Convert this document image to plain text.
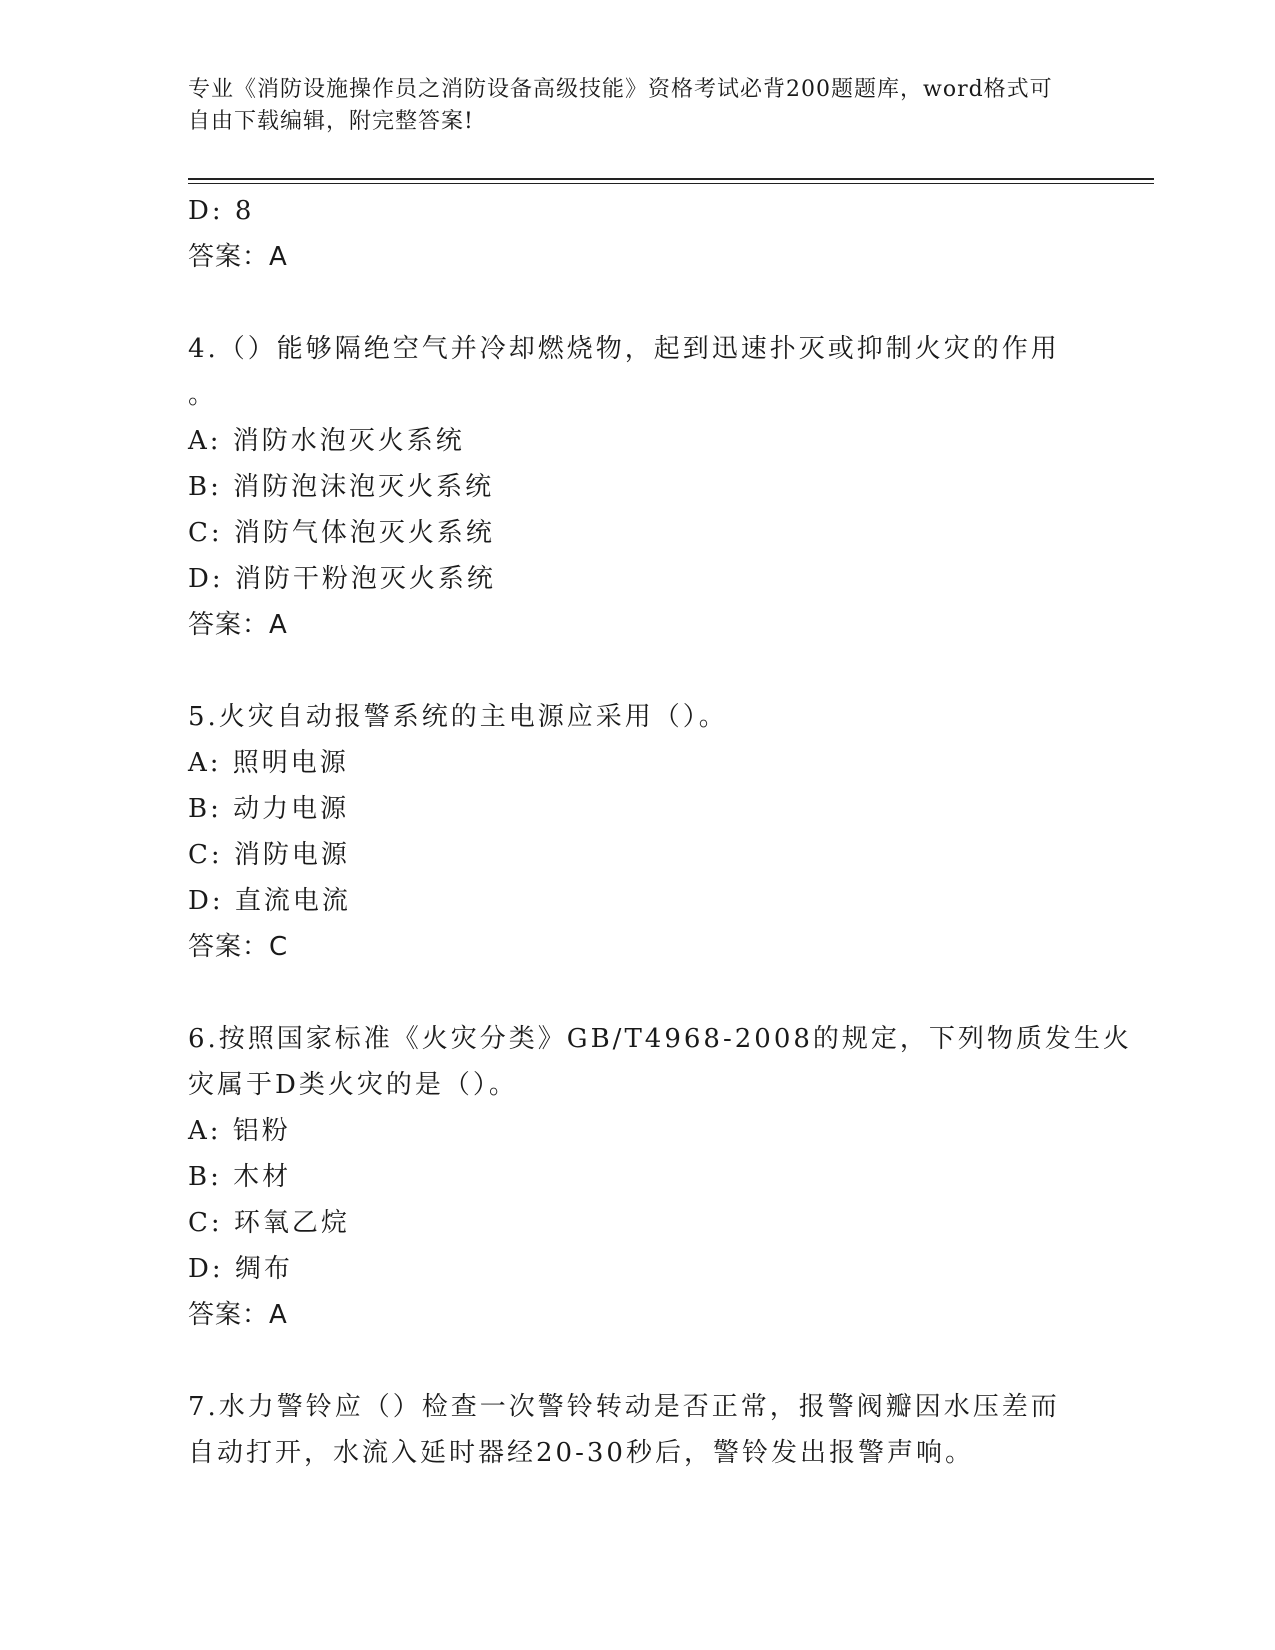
专业《消防设施操作员之消防设备高级技能》资格考试必背200题题库，word格式可自由下载编辑，附完整答案!
D: 8
答案：A
4.（）能够隔绝空气并冷却燃烧物，起到迅速扑灭或抑制火灾的作用
。
A: 消防水泡灭火系统
B: 消防泡沫泡灭火系统
C: 消防气体泡灭火系统
D: 消防干粉泡灭火系统
答案：A
5.火灾自动报警系统的主电源应采用（）。
A: 照明电源
B: 动力电源
C: 消防电源
D: 直流电流
答案：C
6.按照国家标准《火灾分类》GB/T4968-2008的规定，下列物质发生火
灾属于D类火灾的是（）。
A: 铝粉
B: 木材
C: 环氧乙烷
D: 绸布
答案：A
7.水力警铃应（）检查一次警铃转动是否正常，报警阀瓣因水压差而
自动打开，水流入延时器经20-30秒后，警铃发出报警声响。
